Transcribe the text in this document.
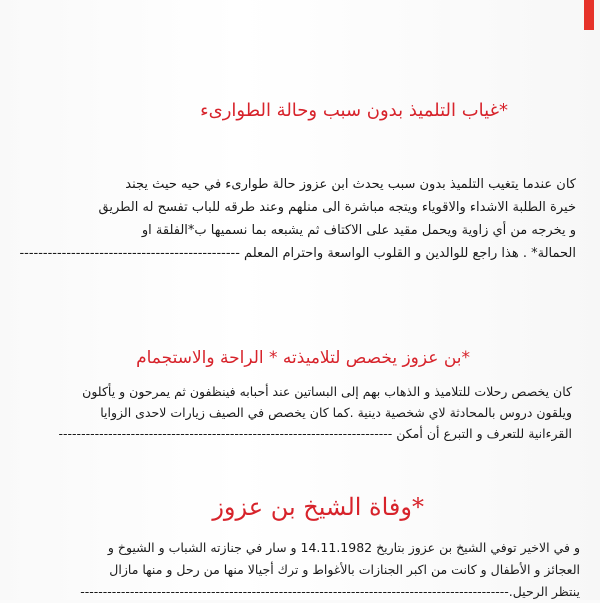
*غياب التلميذ بدون سبب وحالة الطوارىء
كان عندما يتغيب التلميذ بدون سبب يحدث ابن عزوز حالة طوارىء في حيه حيث يجند
خيرة الطلبة الاشداء والاقوياء ويتجه مباشرة الى منلهم وعند طرقه للباب تفسح له الطريق
و يخرجه من أي زاوية ويحمل مقيد على الاكتاف ثم يشبعه بما نسميها ب*الفلقة او
الحمالة* . هذا راجع للوالدين و القلوب الواسعة واحترام المعلم -----------------------------------------------
*بن عزوز يخصص لتلاميذته * الراحة والاستجمام
كان يخصص رحلات للتلاميذ و الذهاب بهم إلى البساتين عند أحبابه فينظفون ثم يمرحون و يأكلون
ويلقون دروس بالمحادثة لاي شخصية دينية .كما كان يخصص في الصيف زيارات لاحدى الزوايا
القرءانية للتعرف و التبرع أن أمكن --------------------------------------------------------------------------
*وفاة الشيخ بن عزوز
و في الاخير توفي الشيخ بن عزوز بتاريخ 14.11.1982 و سار في جنازته الشباب و الشيوخ و
العجائز و الأطفال و كانت من اكبر الجنازات بالأغواط و ترك أجيالا منها من رحل و منها مازال
ينتظر الرحيل.-----------------------------------------------------------------------------------------------
